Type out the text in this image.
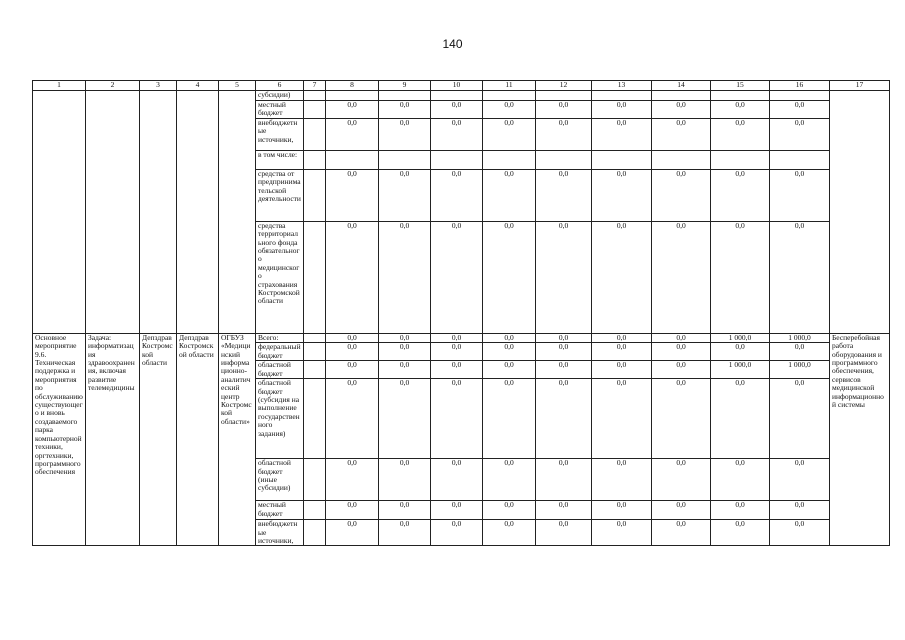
140
1	2	3	4	5	6	7	8	9	10	11	12	13	14	15	16	17
					субсидии)											
					местный бюджет		0,0	0,0	0,0	0,0	0,0	0,0	0,0	0,0	0,0	
					внебюджетные источники,		0,0	0,0	0,0	0,0	0,0	0,0	0,0	0,0	0,0	
					в том числе:											
					средства от предпринимательской деятельности		0,0	0,0	0,0	0,0	0,0	0,0	0,0	0,0	0,0	
					средства территориального фонда обязательного медицинского страхования Костромской области		0,0	0,0	0,0	0,0	0,0	0,0	0,0	0,0	0,0	
Основное мероприятие 9.6. Техническая поддержка и мероприятия по обслуживанию существующего и вновь создаваемого парка компьютерной техники, оргтехники, программного обеспечения	Задача: информатизация здравоохранения, включая развитие телемедицины	Депздрав Костромской области	Депздрав Костромской области	ОГБУЗ «Медицинский информационно-аналитический центр Костромской области»	Всего:		0,0	0,0	0,0	0,0	0,0	0,0	0,0	1 000,0	1 000,0	Бесперебойная работа оборудования и программного обеспечения, сервисов медицинской информационной системы
					федеральный бюджет		0,0	0,0	0,0	0,0	0,0	0,0	0,0	0,0	0,0	
					областной бюджет		0,0	0,0	0,0	0,0	0,0	0,0	0,0	1 000,0	1 000,0	
					областной бюджет (субсидия на выполнение государственного задания)		0,0	0,0	0,0	0,0	0,0	0,0	0,0	0,0	0,0	
					областной бюджет (иные субсидии)		0,0	0,0	0,0	0,0	0,0	0,0	0,0	0,0	0,0	
					местный бюджет		0,0	0,0	0,0	0,0	0,0	0,0	0,0	0,0	0,0	
					внебюджетные источники,		0,0	0,0	0,0	0,0	0,0	0,0	0,0	0,0	0,0	
